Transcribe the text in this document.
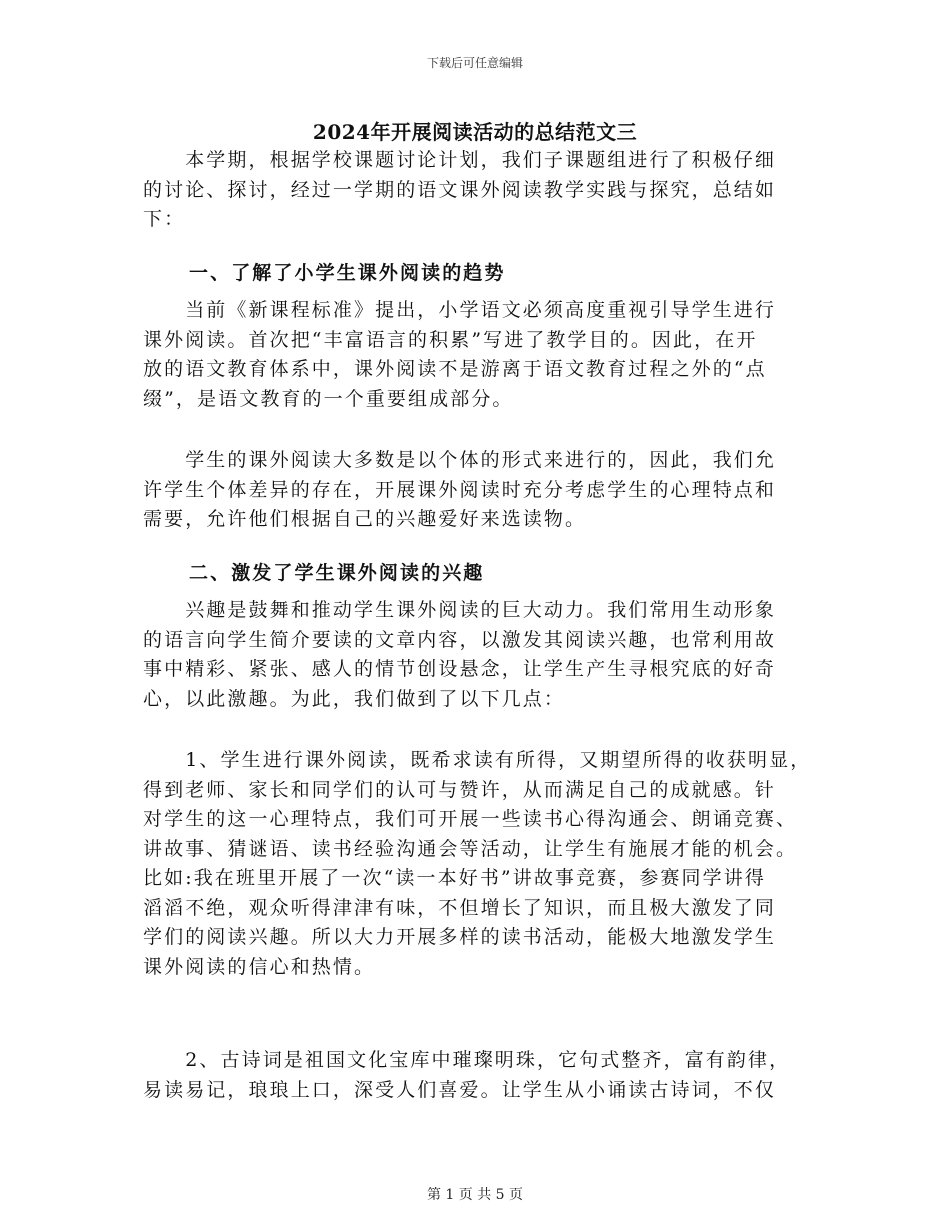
下载后可任意编辑
2024年开展阅读活动的总结范文三
　　本学期，根据学校课题讨论计划，我们子课题组进行了积极仔细
的讨论、探讨，经过一学期的语文课外阅读教学实践与探究，总结如
下：
一、了解了小学生课外阅读的趋势
　　当前《新课程标准》提出，小学语文必须高度重视引导学生进行
课外阅读。首次把“丰富语言的积累”写进了教学目的。因此，在开
放的语文教育体系中，课外阅读不是游离于语文教育过程之外的“点
缀”，是语文教育的一个重要组成部分。
　　学生的课外阅读大多数是以个体的形式来进行的，因此，我们允
许学生个体差异的存在，开展课外阅读时充分考虑学生的心理特点和
需要，允许他们根据自己的兴趣爱好来选读物。
二、激发了学生课外阅读的兴趣
　　兴趣是鼓舞和推动学生课外阅读的巨大动力。我们常用生动形象
的语言向学生简介要读的文章内容，以激发其阅读兴趣，也常利用故
事中精彩、紧张、感人的情节创设悬念，让学生产生寻根究底的好奇
心，以此激趣。为此，我们做到了以下几点：
　　1、学生进行课外阅读，既希求读有所得，又期望所得的收获明显，
得到老师、家长和同学们的认可与赞许，从而满足自己的成就感。针
对学生的这一心理特点，我们可开展一些读书心得沟通会、朗诵竞赛、
讲故事、猜谜语、读书经验沟通会等活动，让学生有施展才能的机会。
比如:我在班里开展了一次“读一本好书”讲故事竞赛，参赛同学讲得
滔滔不绝，观众听得津津有味，不但增长了知识，而且极大激发了同
学们的阅读兴趣。所以大力开展多样的读书活动，能极大地激发学生
课外阅读的信心和热情。
　　2、古诗词是祖国文化宝库中璀璨明珠，它句式整齐，富有韵律，
易读易记，琅琅上口，深受人们喜爱。让学生从小诵读古诗词，不仅
第 1 页 共 5 页
